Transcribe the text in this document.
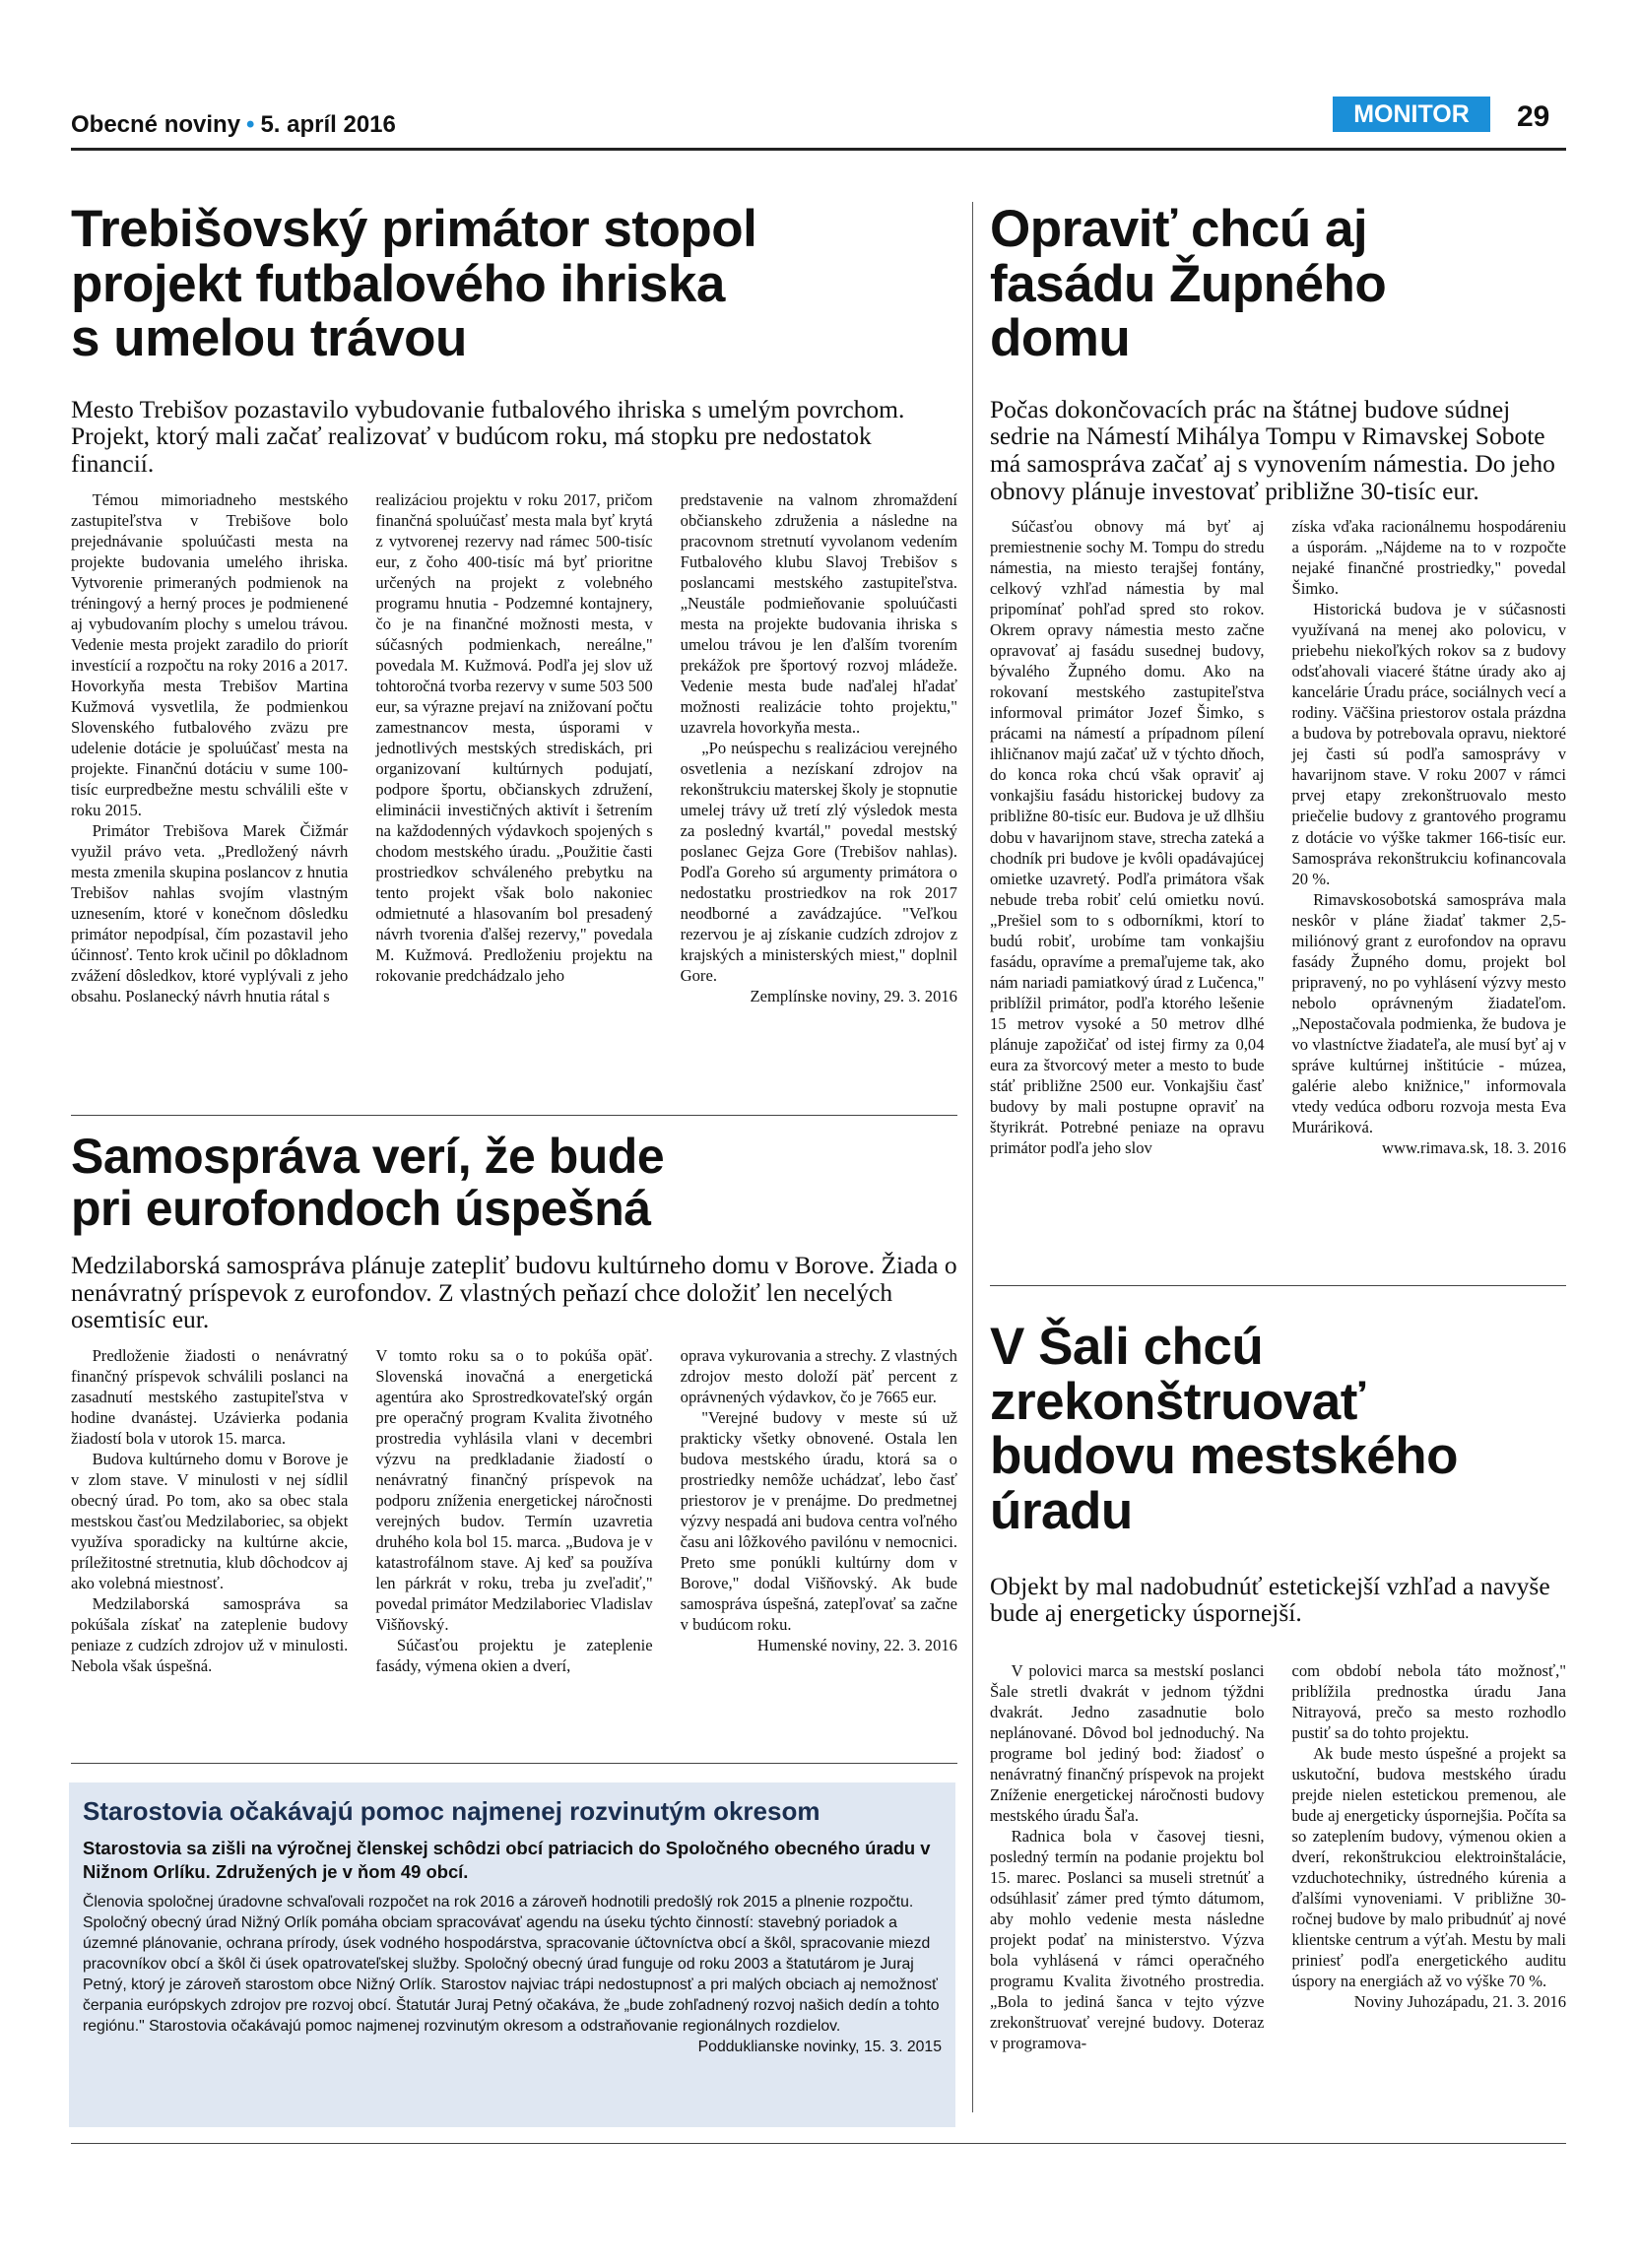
Obecné noviny • 5. apríl 2016	MONITOR	29
Trebišovský primátor stopol
projekt futbalového ihriska
s umelou trávou
Mesto Trebišov pozastavilo vybudovanie futbalového ihriska s umelým povrchom. Projekt, ktorý mali začať realizovať v budúcom roku, má stopku pre nedostatok financií.

Témou mimoriadneho mestského zastupiteľstva v Trebišove bolo prejednávanie spoluúčasti mesta na projekte budovania umelého ihriska. Vytvorenie primeraných podmienok na tréningový a herný proces je podmienené aj vybudovaním plochy s umelou trávou. Vedenie mesta projekt zaradilo do priorít investícií a rozpočtu na roky 2016 a 2017. Hovorkyňa mesta Trebišov Martina Kužmová vysvetlila, že podmienkou Slovenského futbalového zväzu pre udelenie dotácie je spoluúčasť mesta na projekte. Finančnú dotáciu v sume 100-tisíc eurpredbežne mestu schválili ešte v roku 2015.

Primátor Trebišova Marek Čižmár využil právo veta. „Predložený návrh mesta zmenila skupina poslancov z hnutia Trebišov nahlas svojím vlastným uznesením, ktoré v konečnom dôsledku primátor nepodpísal, čím pozastavil jeho účinnosť. Tento krok učinil po dôkladnom zvážení dôsledkov, ktoré vyplývali z jeho obsahu. Poslanecký návrh hnutia rátal s

realizáciou projektu v roku 2017, pričom finančná spoluúčasť mesta mala byť krytá z vytvorenej rezervy nad rámec 500-tisíc eur, z čoho 400-tisíc má byť prioritne určených na projekt z volebného programu hnutia - Podzemné kontajnery, čo je na finančné možnosti mesta, v súčasných podmienkach, nereálne," povedala M. Kužmová. Podľa jej slov už tohtoročná tvorba rezervy v sume 503 500 eur, sa výrazne prejaví na znižovaní počtu zamestnancov mesta, úsporami v jednotlivých mestských strediskách, pri organizovaní kultúrnych podujatí, podpore športu, občianskych združení, eliminácii investičných aktivít i šetrením na každodenných výdavkoch spojených s chodom mestského úradu. „Použitie časti prostriedkov schváleného prebytku na tento projekt však bolo nakoniec odmietnuté a hlasovaním bol presadený návrh tvorenia ďalšej rezervy," povedala M. Kužmová. Predloženiu projektu na rokovanie predchádzalo jeho

predstavenie na valnom zhromaždení občianskeho združenia a následne na pracovnom stretnutí vyvolanom vedením Futbalového klubu Slavoj Trebišov s poslancami mestského zastupiteľstva. „Neustále podmieňovanie spoluúčasti mesta na projekte budovania ihriska s umelou trávou je len ďalším tvorením prekážok pre športový rozvoj mládeže. Vedenie mesta bude naďalej hľadať možnosti realizácie tohto projektu," uzavrela hovorkyňa mesta..

„Po neúspechu s realizáciou verejného osvetlenia a nezískaní zdrojov na rekonštrukciu materskej školy je stopnutie umelej trávy už tretí zlý výsledok mesta za posledný kvartál," povedal mestský poslanec Gejza Gore (Trebišov nahlas). Podľa Goreho sú argumenty primátora o nedostatku prostriedkov na rok 2017 neodborné a zavádzajúce. "Veľkou rezervou je aj získanie cudzích zdrojov z krajských a ministerských miest," doplnil Gore.

Zemplínske noviny, 29. 3. 2016
Samospráva verí, že bude
pri eurofondoch úspešná
Medzilaborská samospráva plánuje zatepliť budovu kultúrneho domu v Borove. Žiada o nenávratný príspevok z eurofondov. Z vlastných peňazí chce doložiť len necelých osemtisíc eur.

Predloženie žiadosti o nenávratný finančný príspevok schválili poslanci na zasadnutí mestského zastupiteľstva v hodine dvanástej. Uzávierka podania žiadostí bola v utorok 15. marca.

Budova kultúrneho domu v Borove je v zlom stave. V minulosti v nej sídlil obecný úrad. Po tom, ako sa obec stala mestskou časťou Medzilaboriec, sa objekt využíva sporadicky na kultúrne akcie, príležitostné stretnutia, klub dôchodcov aj ako volebná miestnosť.

Medzilaborská samospráva sa pokúšala získať na zateplenie budovy peniaze z cudzích zdrojov už v minulosti. Nebola však úspešná.

V tomto roku sa o to pokúša opäť. Slovenská inovačná a energetická agentúra ako Sprostredkovateľský orgán pre operačný program Kvalita životného prostredia vyhlásila vlani v decembri výzvu na predkladanie žiadostí o nenávratný finančný príspevok na podporu zníženia energetickej náročnosti verejných budov. Termín uzavretia druhého kola bol 15. marca. „Budova je v katastrofálnom stave. Aj keď sa používa len párkrát v roku, treba ju zveľadiť," povedal primátor Medzilaboriec Vladislav Višňovský.

Súčasťou projektu je zateplenie fasády, výmena okien a dverí,

oprava vykurovania a strechy. Z vlastných zdrojov mesto doloží päť percent z oprávnených výdavkov, čo je 7665 eur.

"Verejné budovy v meste sú už prakticky všetky obnovené. Ostala len budova mestského úradu, ktorá sa o prostriedky nemôže uchádzať, lebo časť priestorov je v prenájme. Do predmetnej výzvy nespadá ani budova centra voľného času ani lôžkového pavilónu v nemocnici. Preto sme ponúkli kultúrny dom v Borove," dodal Višňovský. Ak bude samospráva úspešná, zatepľovať sa začne v budúcom roku.

Humenské noviny, 22. 3. 2016
Starostovia očakávajú pomoc najmenej rozvinutým okresom
Starostovia sa zišli na výročnej členskej schôdzi obcí patriacich do Spoločného obecného úradu v Nižnom Orlíku. Združených je v ňom 49 obcí.
Členovia spoločnej úradovne schvaľovali rozpočet na rok 2016 a zároveň hodnotili predošlý rok 2015 a plnenie rozpočtu. Spoločný obecný úrad Nižný Orlík pomáha obciam spracovávať agendu na úseku týchto činností: stavebný poriadok a územné plánovanie, ochrana prírody, úsek vodného hospodárstva, spracovanie účtovníctva obcí a škôl, spracovanie miezd pracovníkov obcí a škôl či úsek opatrovateľskej služby. Spoločný obecný úrad funguje od roku 2003 a štatutárom je Juraj Petný, ktorý je zároveň starostom obce Nižný Orlík. Starostov najviac trápi nedostupnosť a pri malých obciach aj nemožnosť čerpania európskych zdrojov pre rozvoj obcí. Štatutár Juraj Petný očakáva, že „bude zohľadnený rozvoj našich dedín a tohto regiónu." Starostovia očakávajú pomoc najmenej rozvinutým okresom a odstraňovanie regionálnych rozdielov.
Podduklianske novinky, 15. 3. 2015
Opraviť chcú aj
fasádu Župného
domu
Počas dokončovacích prác na štátnej budove súdnej sedrie na Námestí Mihálya Tompu v Rimavskej Sobote má samospráva začať aj s vynovením námestia. Do jeho obnovy plánuje investovať približne 30-tisíc eur.

Súčasťou obnovy má byť aj premiestnenie sochy M. Tompu do stredu námestia, na miesto terajšej fontány, celkový vzhľad námestia by mal pripomínať pohľad spred sto rokov. Okrem opravy námestia mesto začne opravovať aj fasádu susednej budovy, bývalého Župného domu. Ako na rokovaní mestského zastupiteľstva informoval primátor Jozef Šimko, s prácami na námestí a prípadnom pílení ihličnanov majú začať už v týchto dňoch, do konca roka chcú však opraviť aj vonkajšiu fasádu historickej budovy za približne 80-tisíc eur. Budova je už dlhšiu dobu v havarijnom stave, strecha zateká a chodník pri budove je kvôli opadávajúcej omietke uzavretý. Podľa primátora však nebude treba robiť celú omietku novú. „Prešiel som to s odborníkmi, ktorí to budú robiť, urobíme tam vonkajšiu fasádu, opravíme a premaľujeme tak, ako nám nariadi pamiatkový úrad z Lučenca," priblížil primátor, podľa ktorého lešenie 15 metrov vysoké a 50 metrov dlhé plánuje zapožičať od istej firmy za 0,04 eura za štvorcový meter a mesto to bude stáť približne 2500 eur. Vonkajšiu časť budovy by mali postupne opraviť na štyrikrát. Potrebné peniaze na opravu primátor podľa jeho slov

získa vďaka racionálnemu hospodáreniu a úsporám. „Nájdeme na to v rozpočte nejaké finančné prostriedky," povedal Šimko.

Historická budova je v súčasnosti využívaná na menej ako polovicu, v priebehu niekoľkých rokov sa z budovy odsťahovali viaceré štátne úrady ako aj kancelárie Úradu práce, sociálnych vecí a rodiny. Väčšina priestorov ostala prázdna a budova by potrebovala opravu, niektoré jej časti sú podľa samosprávy v havarijnom stave. V roku 2007 v rámci prvej etapy zrekonštruovalo mesto priečelie budovy z grantového programu z dotácie vo výške takmer 166-tisíc eur. Samospráva rekonštrukciu kofinancovala 20 %.

Rimavskosobotská samospráva mala neskôr v pláne žiadať takmer 2,5-miliónový grant z eurofondov na opravu fasády Župného domu, projekt bol pripravený, no po vyhlásení výzvy mesto nebolo oprávneným žiadateľom. „Nepostačovala podmienka, že budova je vo vlastníctve žiadateľa, ale musí byť aj v správe kultúrnej inštitúcie - múzea, galérie alebo knižnice," informovala vtedy vedúca odboru rozvoja mesta Eva Muráriková.

www.rimava.sk, 18. 3. 2016
V Šali chcú
zrekonštruovať
budovu mestského
úradu
Objekt by mal nadobudnúť estetickejší vzhľad a navyše bude aj energeticky úspornejší.

V polovici marca sa mestskí poslanci Šale stretli dvakrát v jednom týždni dvakrát. Jedno zasadnutie bolo neplánované. Dôvod bol jednoduchý. Na programe bol jediný bod: žiadosť o nenávratný finančný príspevok na projekt Zníženie energetickej náročnosti budovy mestského úradu Šaľa.

Radnica bola v časovej tiesni, posledný termín na podanie projektu bol 15. marec. Poslanci sa museli stretnúť a odsúhlasiť zámer pred týmto dátumom, aby mohlo vedenie mesta následne projekt podať na ministerstvo. Výzva bola vyhlásená v rámci operačného programu Kvalita životného prostredia. „Bola to jediná šanca v tejto výzve zrekonštruovať verejné budovy. Doteraz v programova-

com období nebola táto možnosť," priblížila prednostka úradu Jana Nitrayová, prečo sa mesto rozhodlo pustiť sa do tohto projektu.

Ak bude mesto úspešné a projekt sa uskutoční, budova mestského úradu prejde nielen estetickou premenou, ale bude aj energeticky úspornejšia. Počíta sa so zateplením budovy, výmenou okien a dverí, rekonštrukciou elektroinštalácie, vzduchotechniky, ústredného kúrenia a ďalšími vynoveniami. V približne 30-ročnej budove by malo pribudnúť aj nové klientske centrum a výťah. Mestu by mali priniesť podľa energetického auditu úspory na energiách až vo výške 70 %.

Noviny Juhozápadu, 21. 3. 2016
